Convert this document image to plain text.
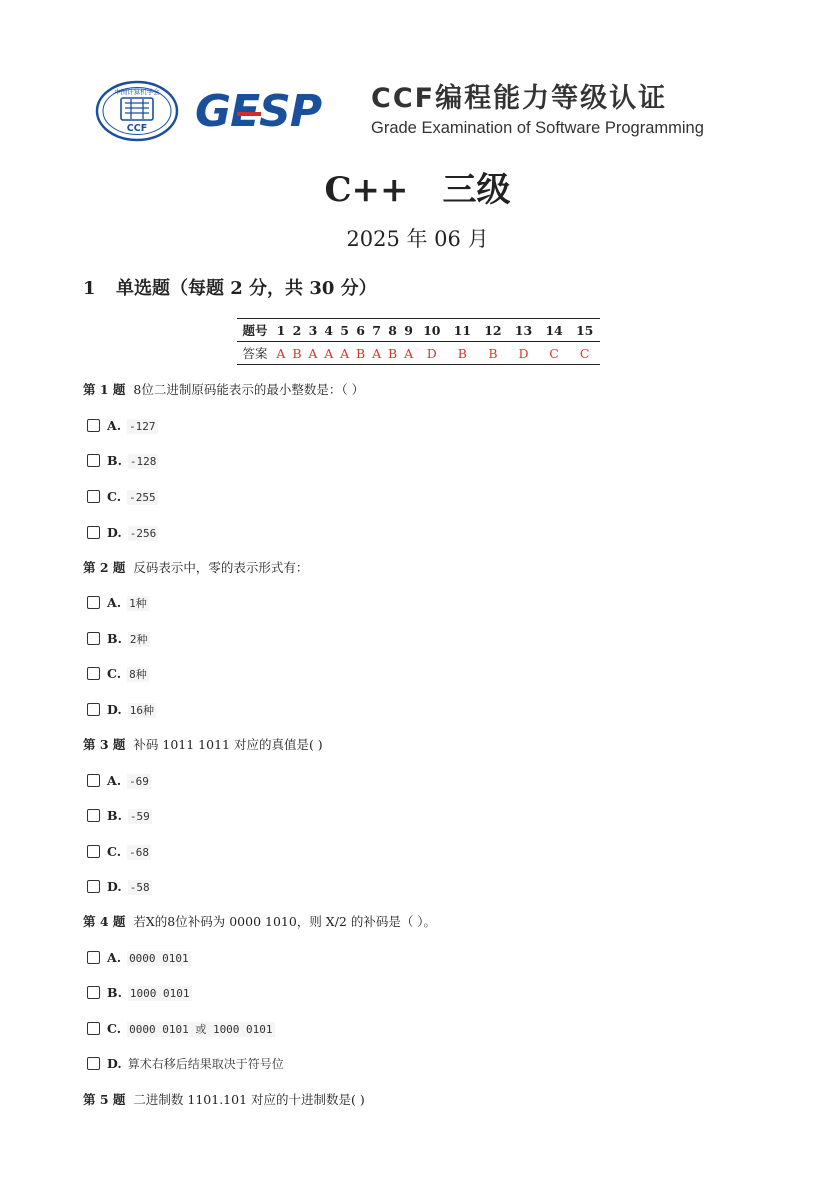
中国计算机学会
CCF GESP CCF编程能力等级认证
Grade Examination of Software Programming
C++ 三级
2025 年 06 月
1 单选题（每题 2 分，共 30 分）
题号	1	2	3	4	5	6	7	8	9	10	11	12	13	14	15
答案	A	B	A	A	A	B	A	B	A	D	B	B	D	C	C
第 1 题 8位二进制原码能表示的最小整数是：（ ）
A. -127
B. -128
C. -255
D. -256
第 2 题 反码表示中，零的表示形式有：
A. 1种
B. 2种
C. 8种
D. 16种
第 3 题 补码 1011 1011 对应的真值是( )
A. -69
B. -59
C. -68
D. -58
第 4 题 若X的8位补码为 0000 1010，则 X/2 的补码是（ ）。
A. 0000 0101
B. 1000 0101
C. 0000 0101 或 1000 0101
D. 算术右移后结果取决于符号位
第 5 题 二进制数 1101.101 对应的十进制数是( )
